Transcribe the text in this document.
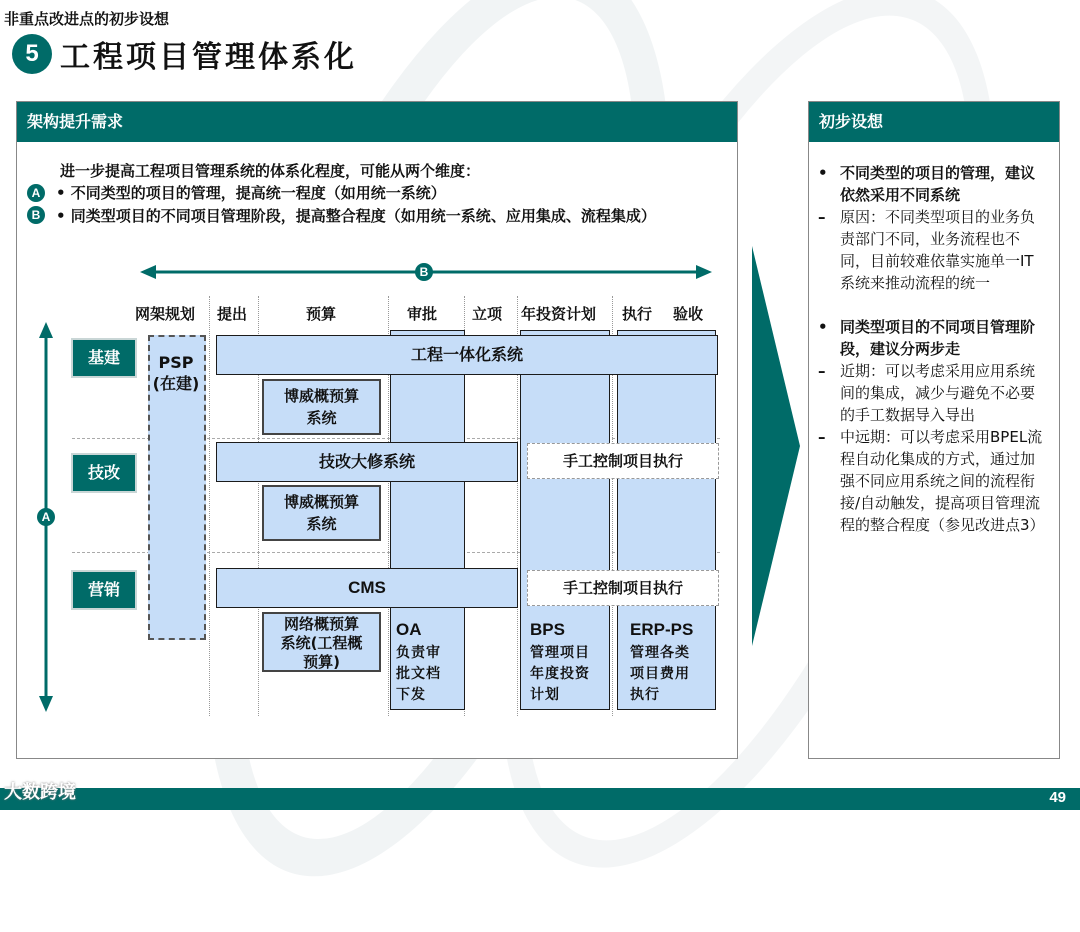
非重点改进点的初步设想
5 工程项目管理体系化
架构提升需求
进一步提高工程项目管理系统的体系化程度，可能从两个维度：
A	• 不同类型的项目的管理，提高统一程度（如用统一系统）
B	• 同类型项目的不同项目管理阶段，提高整合程度（如用统一系统、应用集成、流程集成）
B
A
网架规划 提出	预算	审批 立项 年投资计划 执行 验收
基建
技改
营销
PSP
(在建)
工程一体化系统
技改大修系统
CMS
手工控制项目执行
手工控制项目执行
博威概预算
系统
博威概预算
系统
网络概预算
系统(工程概
预算)
OA
负责审
批文档
下发
BPS
管理项目
年度投资
计划
ERP-PS
管理各类
项目费用
执行
初步设想
• 不同类型的项目的管理，建议依然采用不同系统
– 原因：不同类型项目的业务负责部门不同，业务流程也不同，目前较难依靠实施单一IT系统来推动流程的统一
• 同类型项目的不同项目管理阶段，建议分两步走
– 近期：可以考虑采用应用系统间的集成，减少与避免不必要的手工数据导入导出
– 中远期：可以考虑采用BPEL流程自动化集成的方式，通过加强不同应用系统之间的流程衔接/自动触发，提高项目管理流程的整合程度（参见改进点3）
大数跨境	49
